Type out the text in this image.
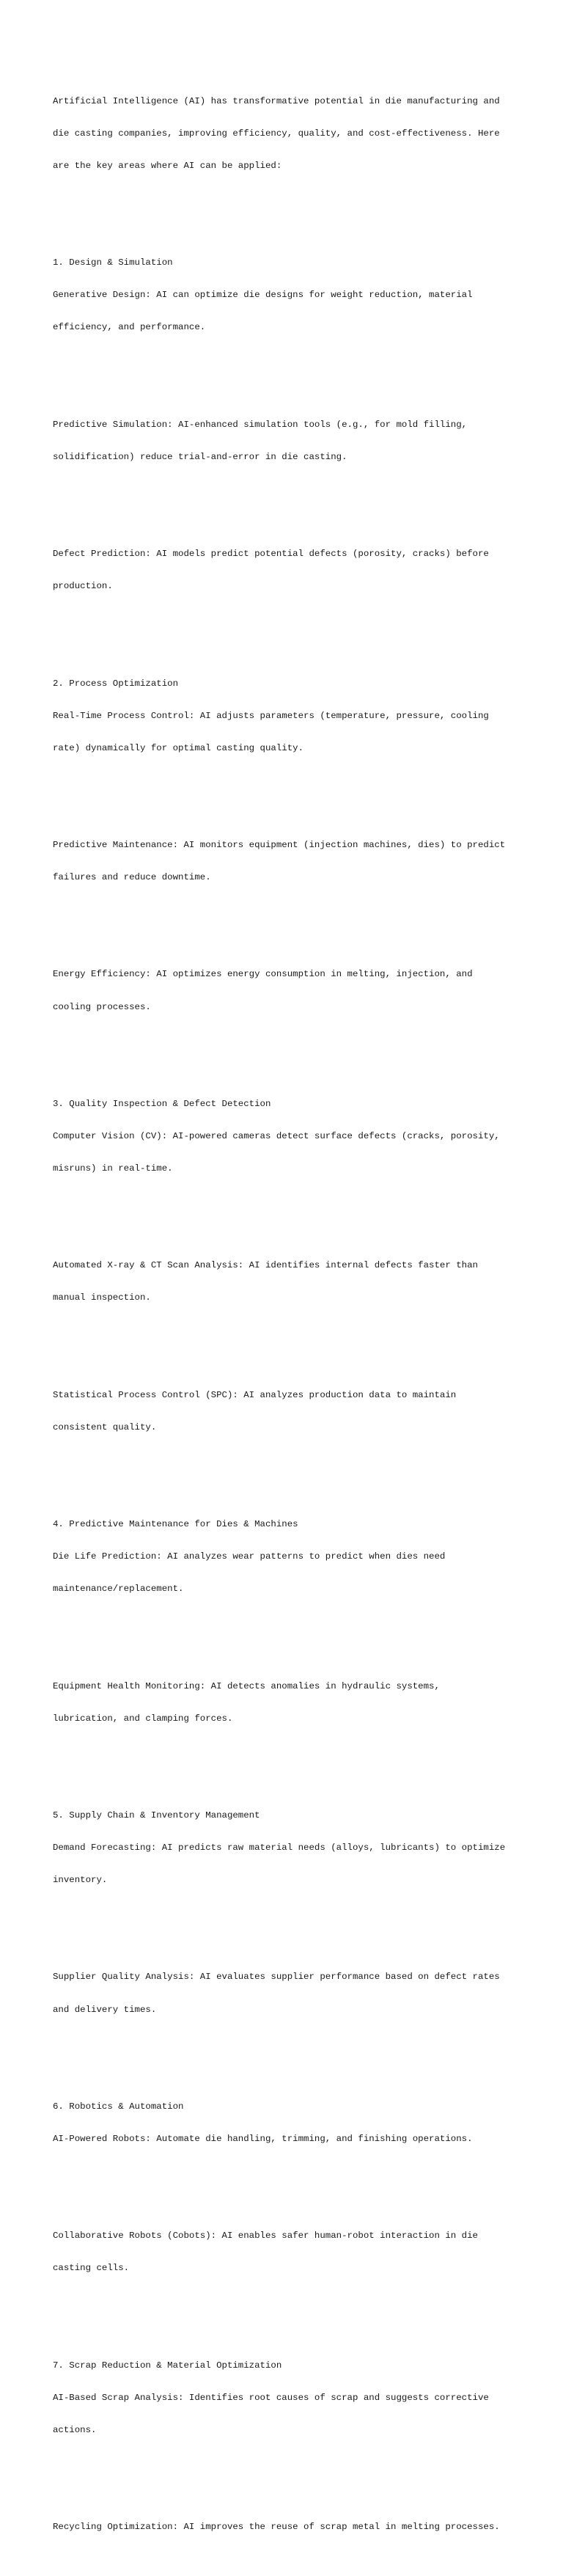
Artificial Intelligence (AI) has transformative potential in die manufacturing and

die casting companies, improving efficiency, quality, and cost-effectiveness. Here

are the key areas where AI can be applied:

1. Design & Simulation

Generative Design: AI can optimize die designs for weight reduction, material

efficiency, and performance.

Predictive Simulation: AI-enhanced simulation tools (e.g., for mold filling,

solidification) reduce trial-and-error in die casting.

Defect Prediction: AI models predict potential defects (porosity, cracks) before

production.

2. Process Optimization

Real-Time Process Control: AI adjusts parameters (temperature, pressure, cooling

rate) dynamically for optimal casting quality.

Predictive Maintenance: AI monitors equipment (injection machines, dies) to predict

failures and reduce downtime.

Energy Efficiency: AI optimizes energy consumption in melting, injection, and

cooling processes.

3. Quality Inspection & Defect Detection

Computer Vision (CV): AI-powered cameras detect surface defects (cracks, porosity,

misruns) in real-time.

Automated X-ray & CT Scan Analysis: AI identifies internal defects faster than

manual inspection.

Statistical Process Control (SPC): AI analyzes production data to maintain

consistent quality.

4. Predictive Maintenance for Dies & Machines

Die Life Prediction: AI analyzes wear patterns to predict when dies need

maintenance/replacement.

Equipment Health Monitoring: AI detects anomalies in hydraulic systems,

lubrication, and clamping forces.

5. Supply Chain & Inventory Management

Demand Forecasting: AI predicts raw material needs (alloys, lubricants) to optimize

inventory.

Supplier Quality Analysis: AI evaluates supplier performance based on defect rates

and delivery times.

6. Robotics & Automation

AI-Powered Robots: Automate die handling, trimming, and finishing operations.

Collaborative Robots (Cobots): AI enables safer human-robot interaction in die

casting cells.

7. Scrap Reduction & Material Optimization

AI-Based Scrap Analysis: Identifies root causes of scrap and suggests corrective

actions.

Recycling Optimization: AI improves the reuse of scrap metal in melting processes.
